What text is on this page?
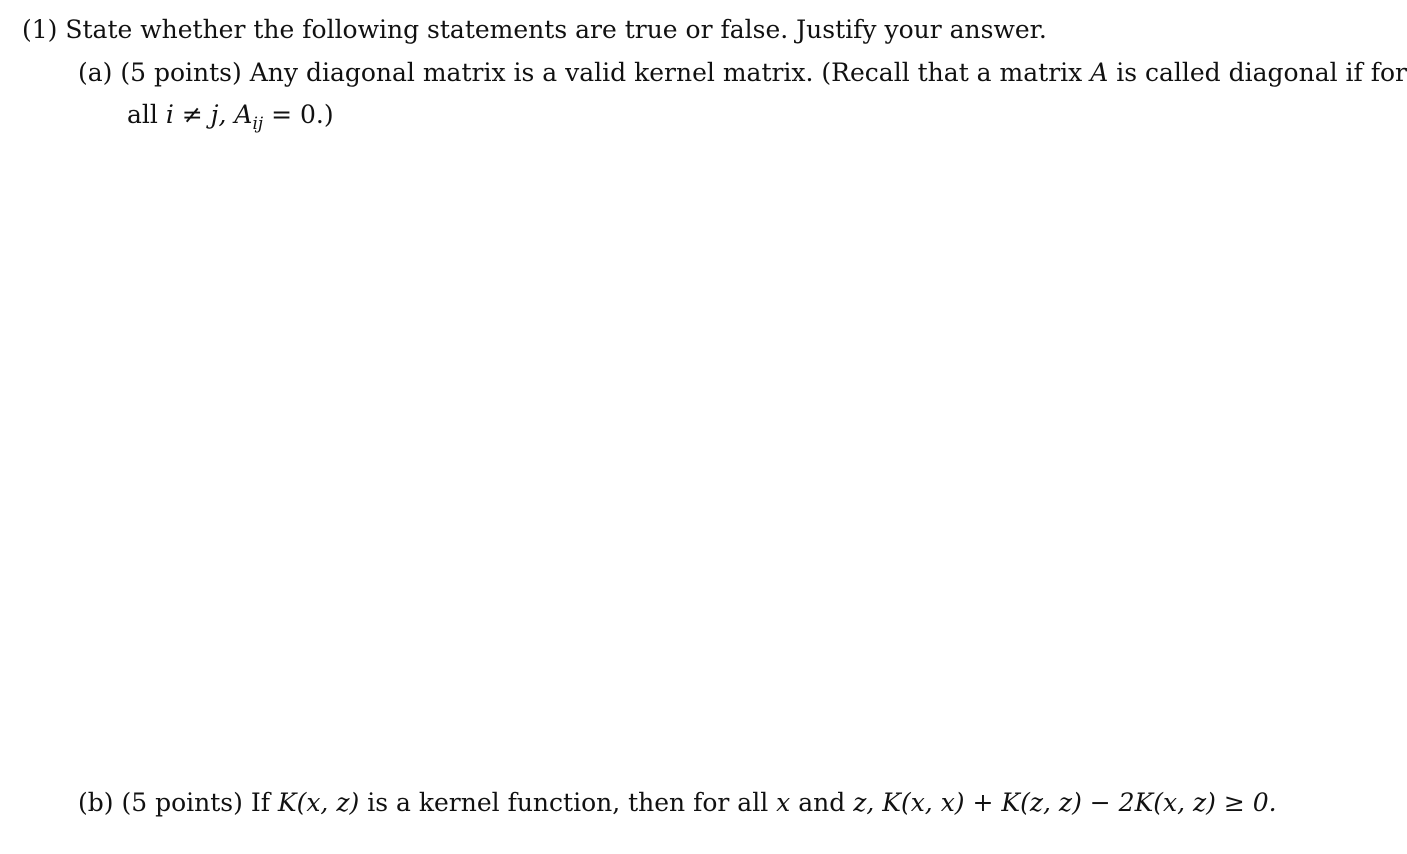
(1) State whether the following statements are true or false. Justify your answer.
(a) (5 points) Any diagonal matrix is a valid kernel matrix. (Recall that a matrix A is called diagonal if for
all i ≠ j, $A_{ij} = 0$.)
(b) (5 points) If K(x, z) is a kernel function, then for all x and z, K(x, x) + K(z, z) − 2K(x, z) ≥ 0.
